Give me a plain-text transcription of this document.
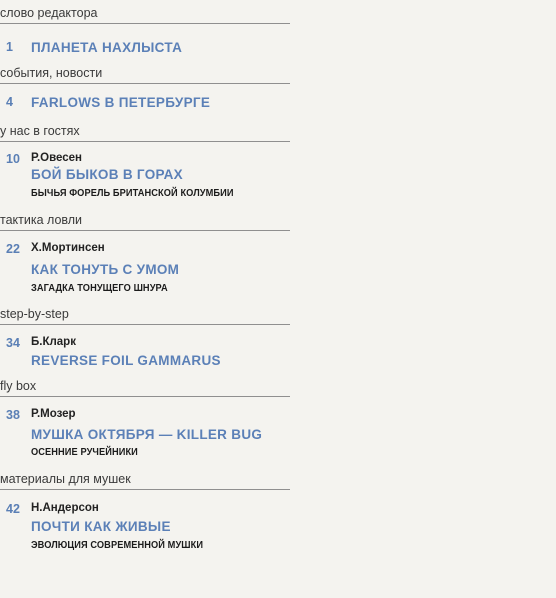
слово редактора
1 ПЛАНЕТА НАХЛЫСТА
события, новости
4 FARLOWS В ПЕТЕРБУРГЕ
у нас в гостях
10 Р.Овесен
БОЙ БЫКОВ В ГОРАХ
БЫЧЬЯ ФОРЕЛЬ БРИТАНСКОЙ КОЛУМБИИ
тактика ловли
22 Х.Мортинсен
КАК ТОНУТЬ С УМОМ
ЗАГАДКА ТОНУЩЕГО ШНУРА
step-by-step
34 Б.Кларк
REVERSE FOIL GAMMARUS
fly box
38 Р.Мозер
МУШКА ОКТЯБРЯ — KILLER BUG
ОСЕННИЕ РУЧЕЙНИКИ
материалы для мушек
42 Н.Андерсон
ПОЧТИ КАК ЖИВЫЕ
ЭВОЛЮЦИЯ СОВРЕМЕННОЙ МУШКИ
